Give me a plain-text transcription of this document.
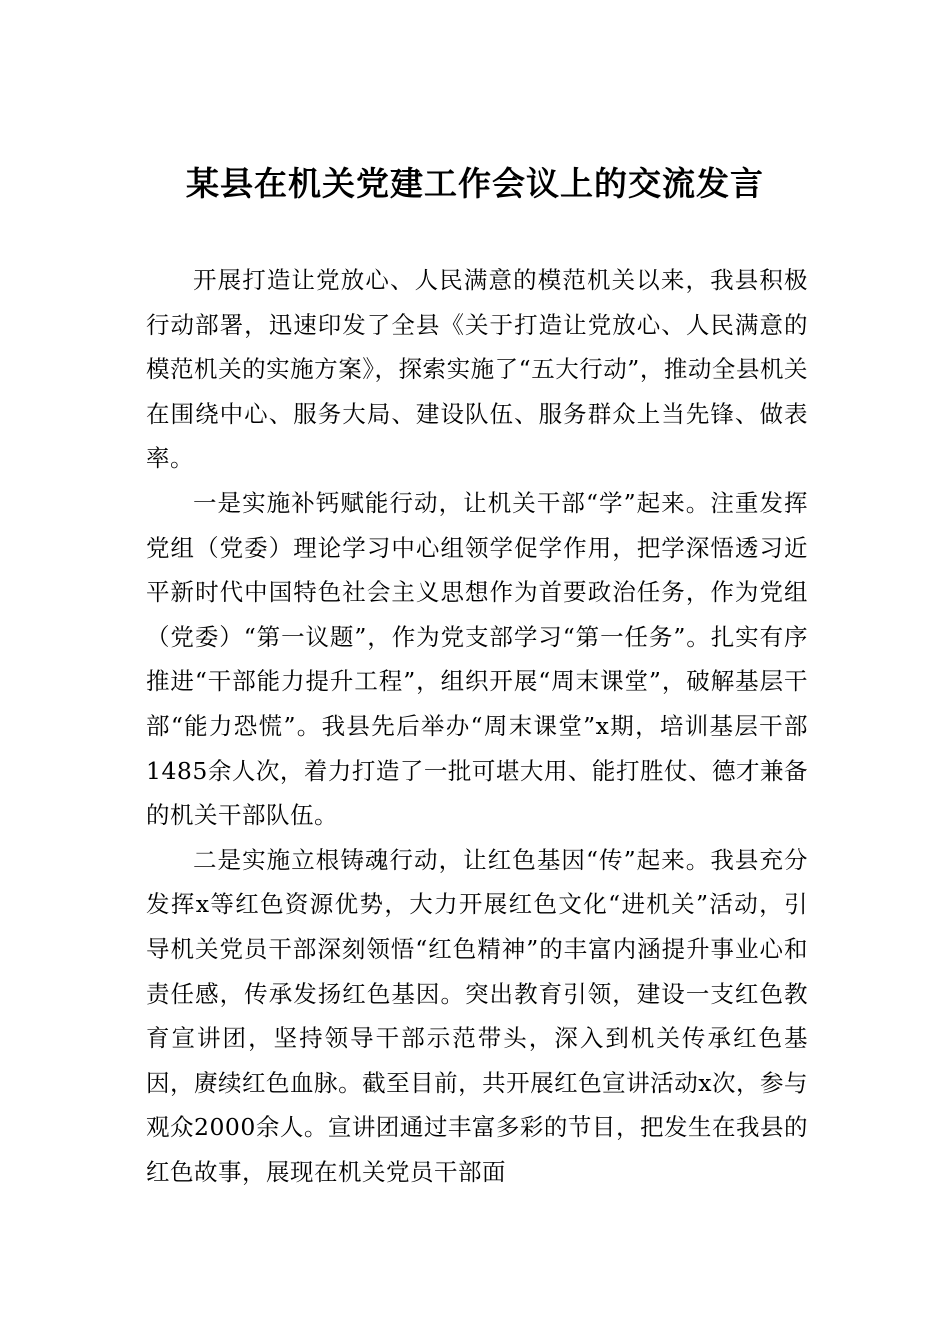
某县在机关党建工作会议上的交流发言

开展打造让党放心、人民满意的模范机关以来，我县积极行动部署，迅速印发了全县《关于打造让党放心、人民满意的模范机关的实施方案》，探索实施了“五大行动”，推动全县机关在围绕中心、服务大局、建设队伍、服务群众上当先锋、做表率。

一是实施补钙赋能行动，让机关干部“学”起来。注重发挥党组（党委）理论学习中心组领学促学作用，把学深悟透习近平新时代中国特色社会主义思想作为首要政治任务，作为党组（党委）“第一议题”，作为党支部学习“第一任务”。扎实有序推进“干部能力提升工程”，组织开展“周末课堂”，破解基层干部“能力恐慌”。我县先后举办“周末课堂”x期，培训基层干部1485余人次，着力打造了一批可堪大用、能打胜仗、德才兼备的机关干部队伍。

二是实施立根铸魂行动，让红色基因“传”起来。我县充分发挥x等红色资源优势，大力开展红色文化“进机关”活动，引导机关党员干部深刻领悟“红色精神”的丰富内涵提升事业心和责任感，传承发扬红色基因。突出教育引领，建设一支红色教育宣讲团，坚持领导干部示范带头，深入到机关传承红色基因，赓续红色血脉。截至目前，共开展红色宣讲活动x次，参与观众2000余人。宣讲团通过丰富多彩的节目，把发生在我县的红色故事，展现在机关党员干部面
